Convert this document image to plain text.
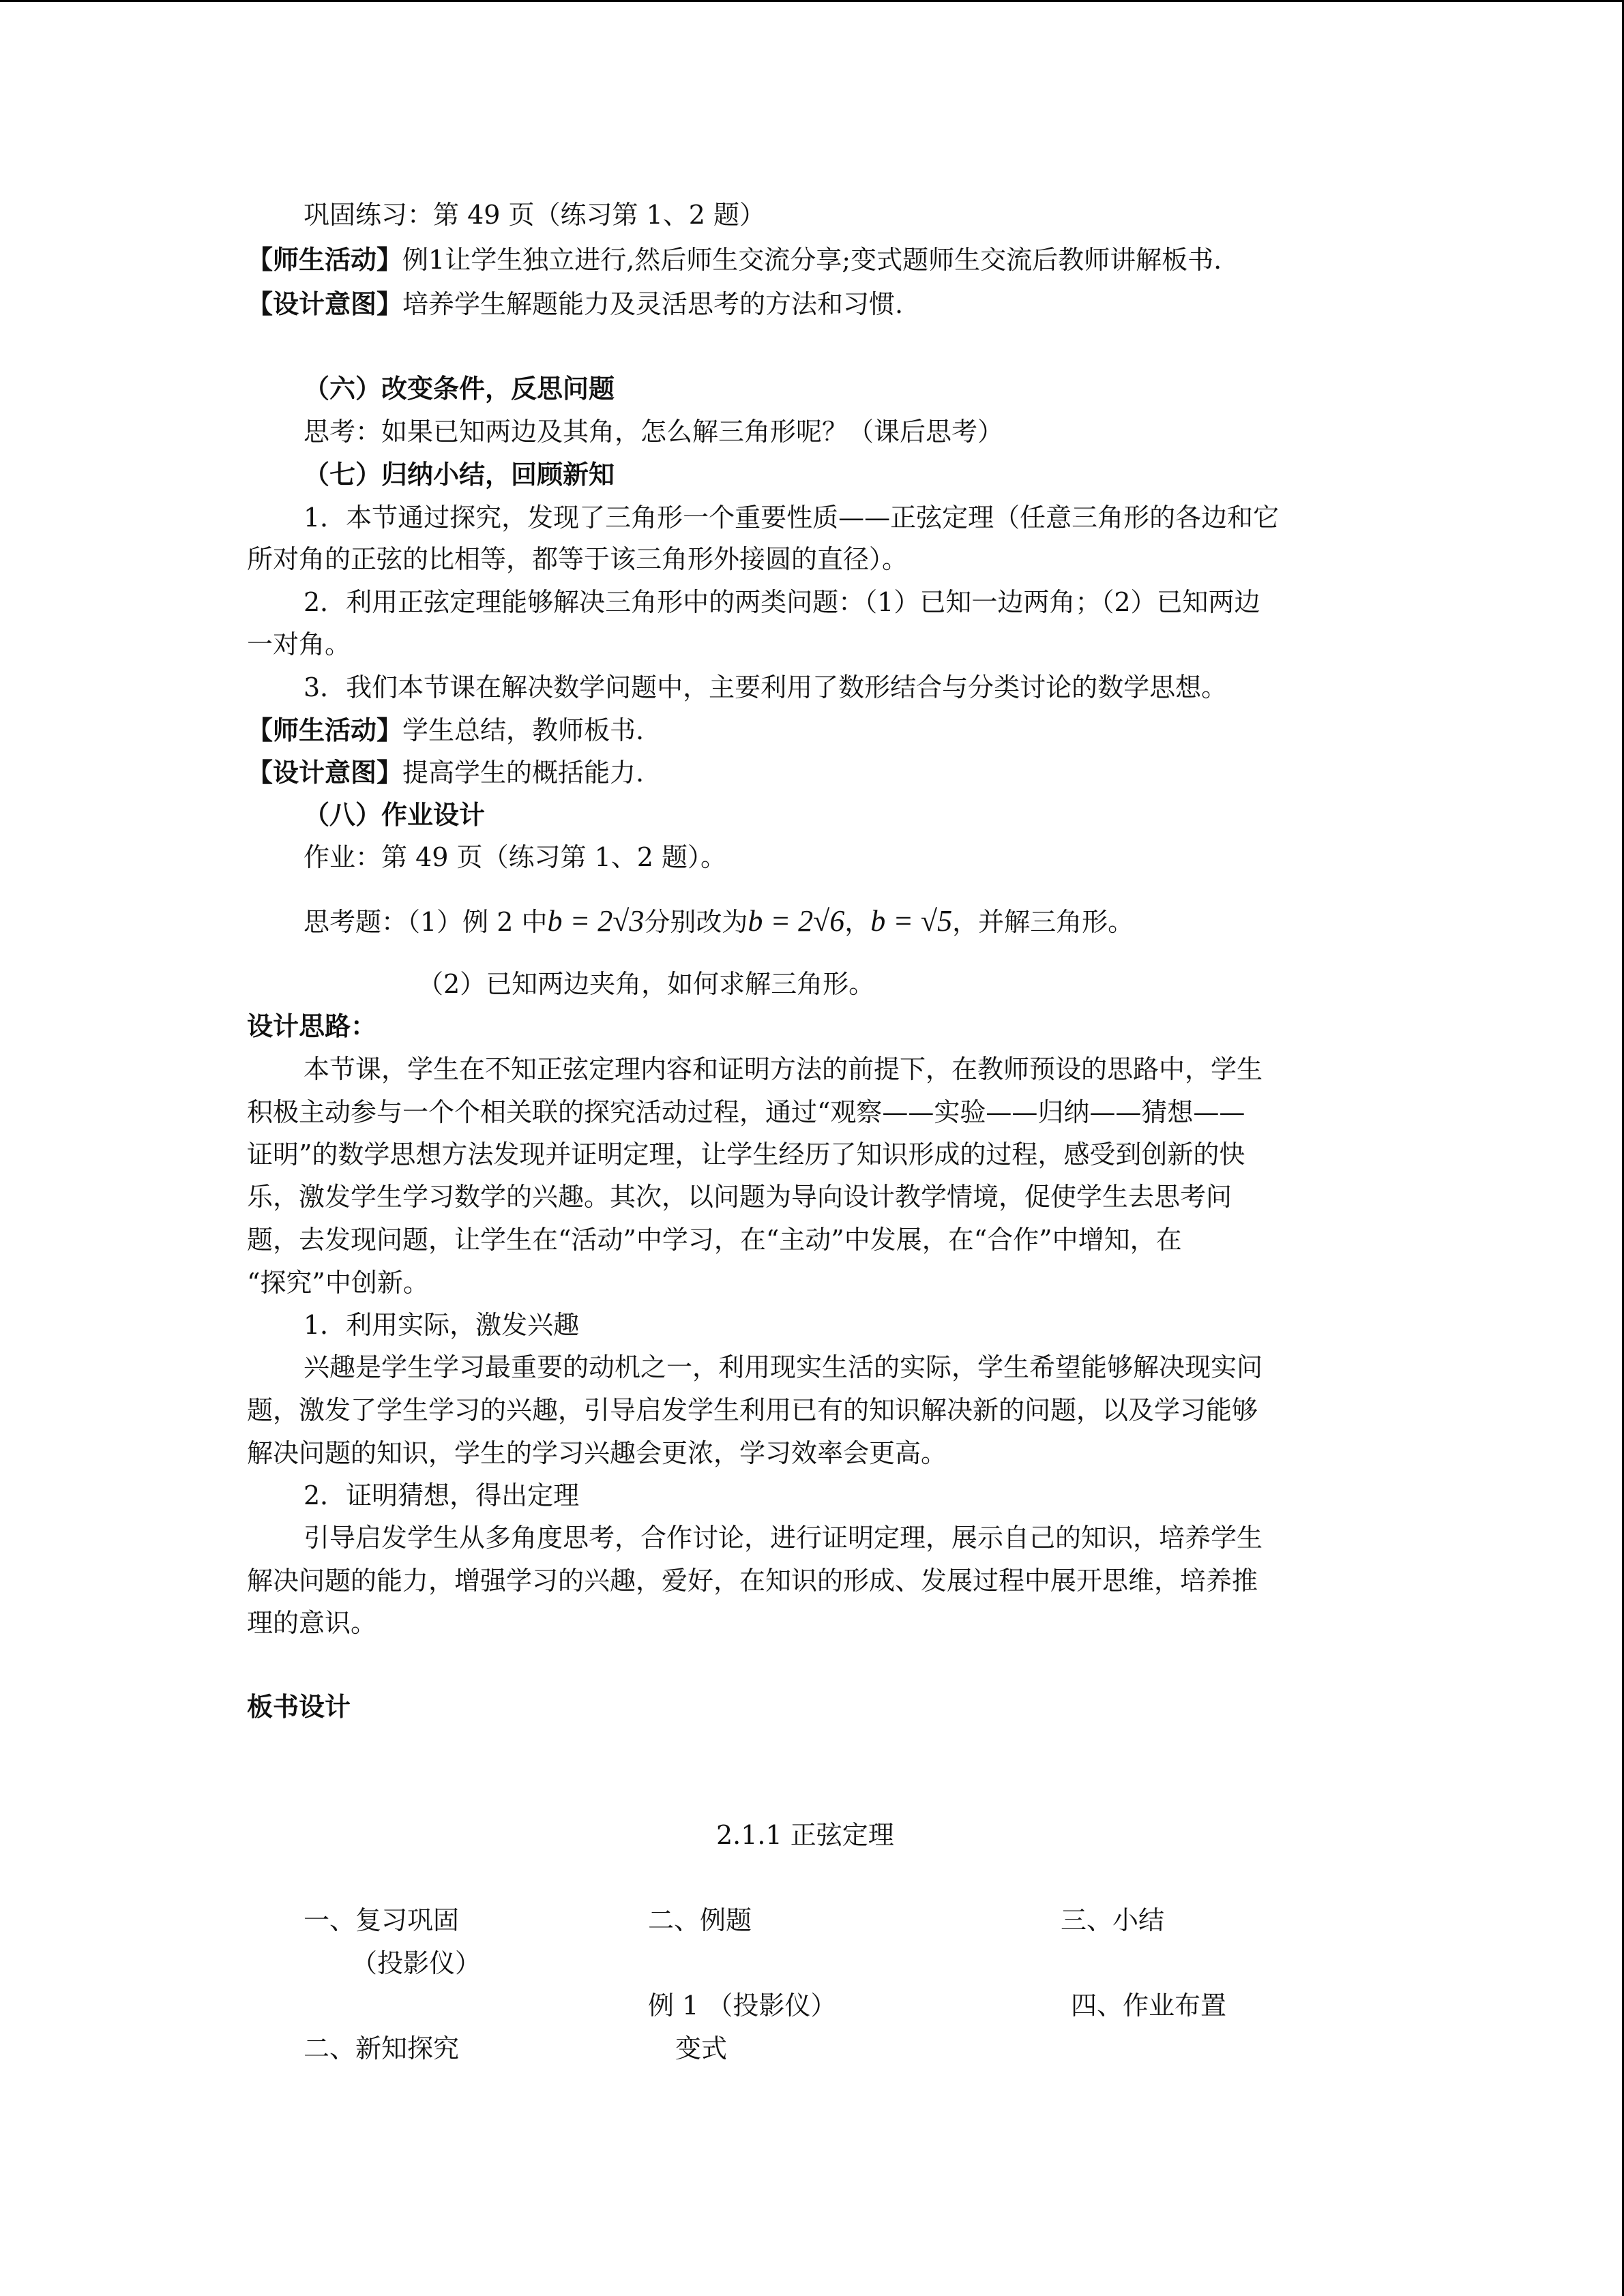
巩固练习：第 49 页（练习第 1、2 题）
【师生活动】例1让学生独立进行,然后师生交流分享;变式题师生交流后教师讲解板书.
【设计意图】培养学生解题能力及灵活思考的方法和习惯.
（六）改变条件，反思问题
思考：如果已知两边及其角，怎么解三角形呢？（课后思考）
（七）归纳小结，回顾新知
1．本节通过探究，发现了三角形一个重要性质——正弦定理（任意三角形的各边和它
所对角的正弦的比相等，都等于该三角形外接圆的直径）。
2．利用正弦定理能够解决三角形中的两类问题：（1）已知一边两角；（2）已知两边
一对角。
3．我们本节课在解决数学问题中，主要利用了数形结合与分类讨论的数学思想。
【师生活动】学生总结，教师板书.
【设计意图】提高学生的概括能力.
（八）作业设计
作业：第 49 页（练习第 1、2 题）。
思考题：（1）例 2 中b = 2√3分别改为b = 2√6，b = √5，并解三角形。
（2）已知两边夹角，如何求解三角形。
设计思路：
本节课，学生在不知正弦定理内容和证明方法的前提下，在教师预设的思路中，学生
积极主动参与一个个相关联的探究活动过程，通过“观察——实验——归纳——猜想——
证明”的数学思想方法发现并证明定理，让学生经历了知识形成的过程，感受到创新的快
乐，激发学生学习数学的兴趣。其次，以问题为导向设计教学情境，促使学生去思考问
题，去发现问题，让学生在“活动”中学习，在“主动”中发展，在“合作”中增知，在
“探究”中创新。
1．利用实际，激发兴趣
兴趣是学生学习最重要的动机之一，利用现实生活的实际，学生希望能够解决现实问
题，激发了学生学习的兴趣，引导启发学生利用已有的知识解决新的问题，以及学习能够
解决问题的知识，学生的学习兴趣会更浓，学习效率会更高。
2．证明猜想，得出定理
引导启发学生从多角度思考，合作讨论，进行证明定理，展示自己的知识，培养学生
解决问题的能力，增强学习的兴趣，爱好，在知识的形成、发展过程中展开思维，培养推
理的意识。
板书设计
2.1.1 正弦定理
一、复习巩固
（投影仪）
二、新知探究
二、例题
例 1 （投影仪）
变式
三、小结
四、作业布置
